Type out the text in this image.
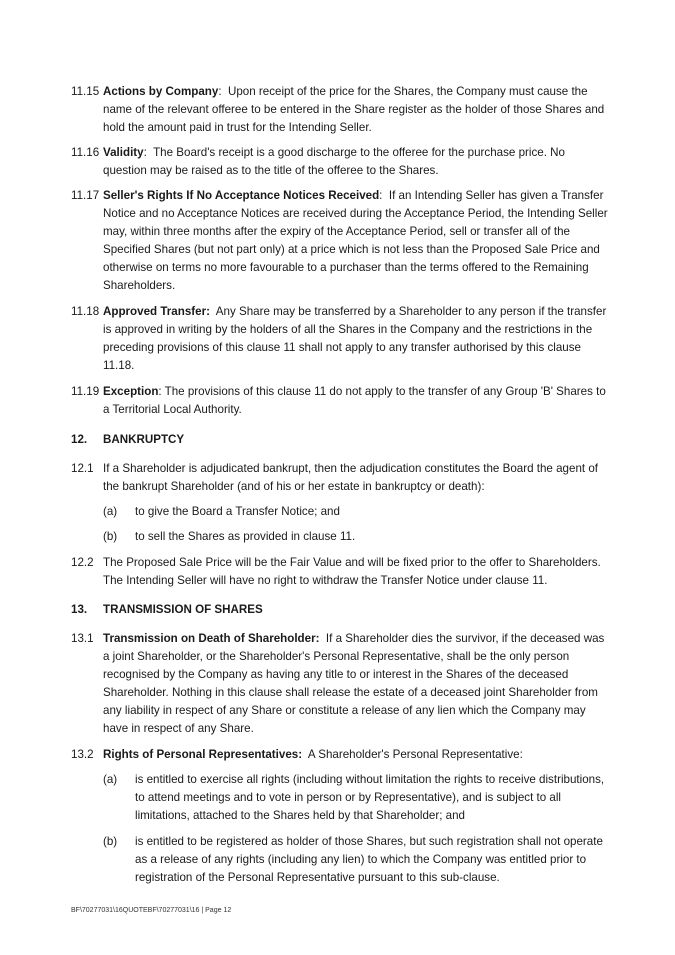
11.15 Actions by Company:  Upon receipt of the price for the Shares, the Company must cause the name of the relevant offeree to be entered in the Share register as the holder of those Shares and hold the amount paid in trust for the Intending Seller.
11.16 Validity:  The Board's receipt is a good discharge to the offeree for the purchase price. No question may be raised as to the title of the offeree to the Shares.
11.17 Seller's Rights If No Acceptance Notices Received:  If an Intending Seller has given a Transfer Notice and no Acceptance Notices are received during the Acceptance Period, the Intending Seller may, within three months after the expiry of the Acceptance Period, sell or transfer all of the Specified Shares (but not part only) at a price which is not less than the Proposed Sale Price and otherwise on terms no more favourable to a purchaser than the terms offered to the Remaining Shareholders.
11.18 Approved Transfer: Any Share may be transferred by a Shareholder to any person if the transfer is approved in writing by the holders of all the Shares in the Company and the restrictions in the preceding provisions of this clause 11 shall not apply to any transfer authorised by this clause 11.18.
11.19 Exception: The provisions of this clause 11 do not apply to the transfer of any Group 'B' Shares to a Territorial Local Authority.
12. BANKRUPTCY
12.1 If a Shareholder is adjudicated bankrupt, then the adjudication constitutes the Board the agent of the bankrupt Shareholder (and of his or her estate in bankruptcy or death):
(a) to give the Board a Transfer Notice; and
(b) to sell the Shares as provided in clause 11.
12.2 The Proposed Sale Price will be the Fair Value and will be fixed prior to the offer to Shareholders. The Intending Seller will have no right to withdraw the Transfer Notice under clause 11.
13. TRANSMISSION OF SHARES
13.1 Transmission on Death of Shareholder: If a Shareholder dies the survivor, if the deceased was a joint Shareholder, or the Shareholder's Personal Representative, shall be the only person recognised by the Company as having any title to or interest in the Shares of the deceased Shareholder. Nothing in this clause shall release the estate of a deceased joint Shareholder from any liability in respect of any Share or constitute a release of any lien which the Company may have in respect of any Share.
13.2 Rights of Personal Representatives: A Shareholder's Personal Representative:
(a) is entitled to exercise all rights (including without limitation the rights to receive distributions, to attend meetings and to vote in person or by Representative), and is subject to all limitations, attached to the Shares held by that Shareholder; and
(b) is entitled to be registered as holder of those Shares, but such registration shall not operate as a release of any rights (including any lien) to which the Company was entitled prior to registration of the Personal Representative pursuant to this sub-clause.
BF\70277031\16QUOTEBF\70277031\16 | Page 12
